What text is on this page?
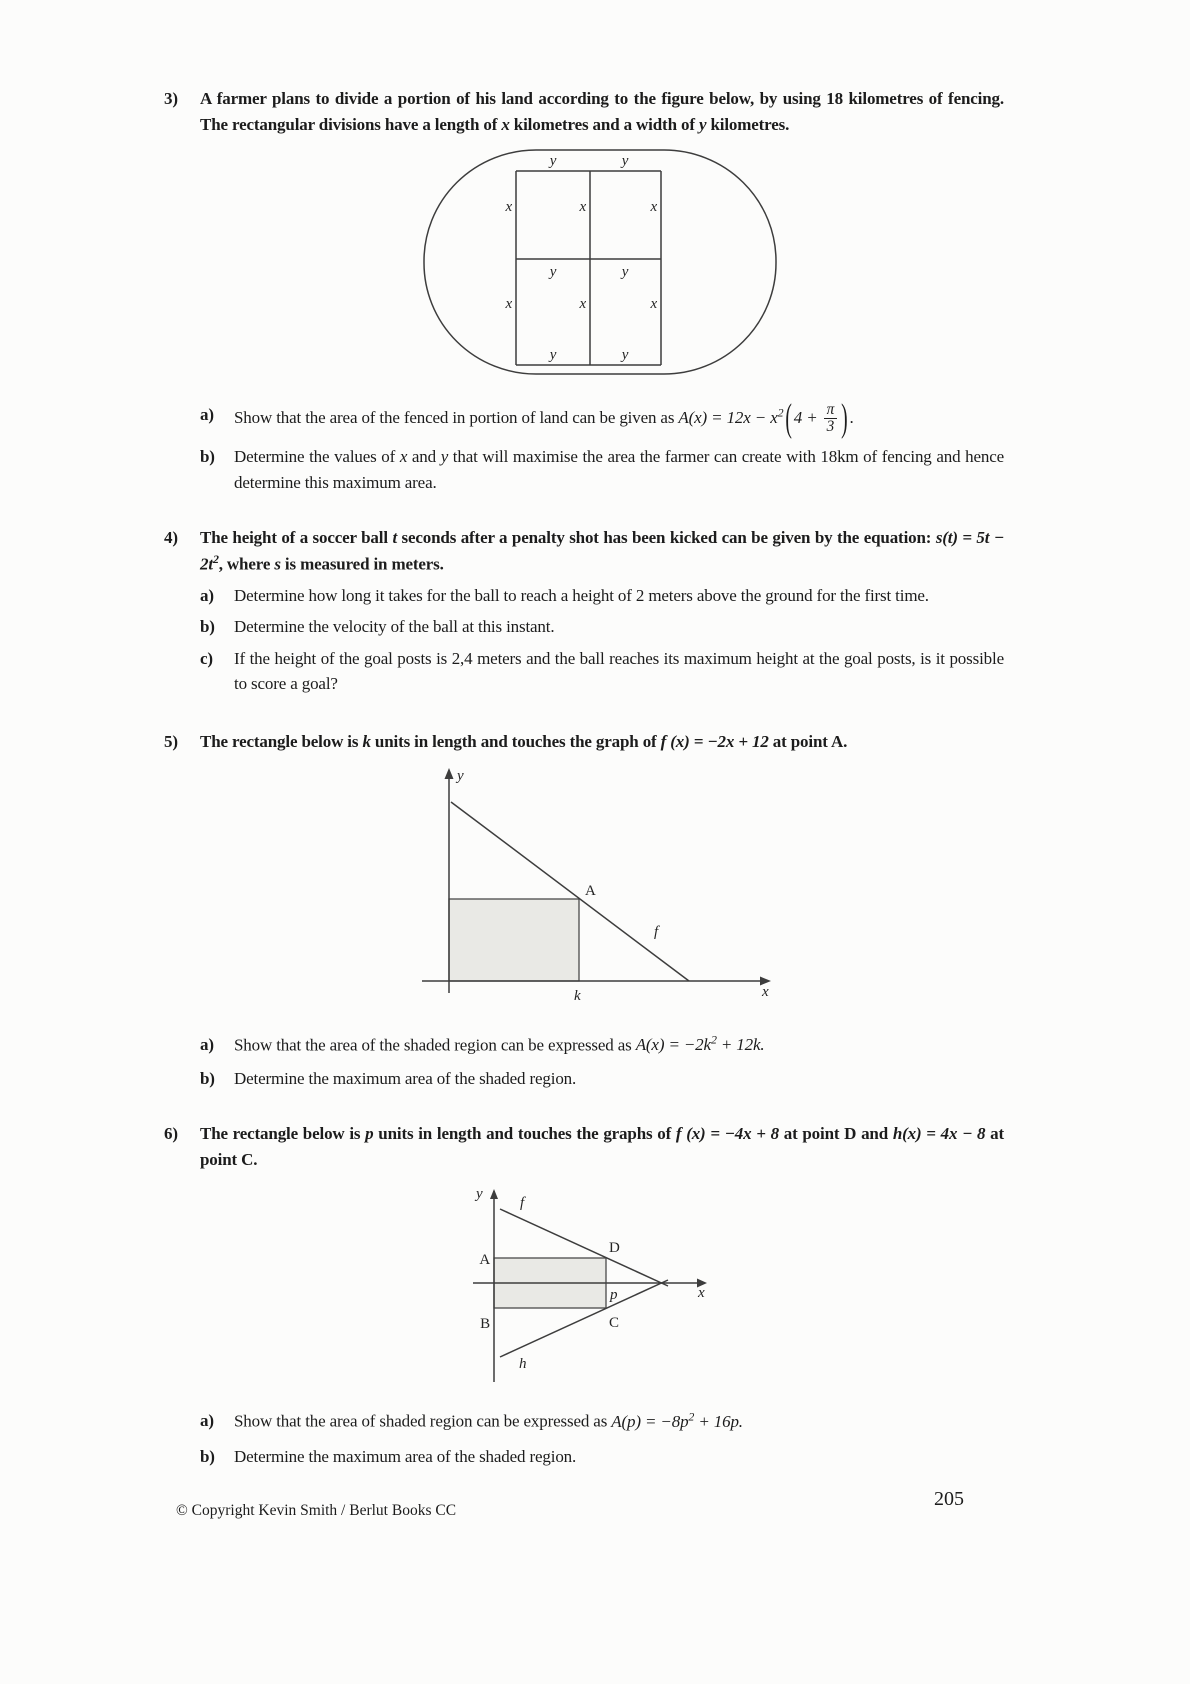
3)	A farmer plans to divide a portion of his land according to the figure below, by using 18 kilometres of fencing. The rectangular divisions have a length of x kilometres and a width of y kilometres.

y	y
y	y
y	y
x	x	x
x	x	x
a)	Show that the area of the fenced in portion of land can be given as $A(x) = 12x - x^2$ ( $4 + \frac{\pi}{3}$ ) .

b)	Determine the values of x and y that will maximise the area the farmer can create with 18km of fencing and hence determine this maximum area.

4)	The height of a soccer ball t seconds after a penalty shot has been kicked can be given by the equation: $s(t) = 5t - 2t^2$, where s is measured in meters.

a)	Determine how long it takes for the ball to reach a height of 2 meters above the ground for the first time.

b)	Determine the velocity of the ball at this instant.

c)	If the height of the goal posts is 2,4 meters and the ball reaches its maximum height at the goal posts, is it possible to score a goal?

5)	The rectangle below is k units in length and touches the graph of f (x) = −2x + 12 at point A.

y
x
A
f
k
a)	Show that the area of the shaded region can be expressed as $A(x) = -2k^2 + 12k$.

b)	Determine the maximum area of the shaded region.

6)	The rectangle below is p units in length and touches the graphs of f (x) = −4x + 8 at point D and h(x) = 4x − 8 at point C.

y
x
f
h
A
D
B	C
p
a)	Show that the area of shaded region can be expressed as $A(p) = -8p^2 + 16p$.

b)	Determine the maximum area of the shaded region.

© Copyright Kevin Smith / Berlut Books CC
205
